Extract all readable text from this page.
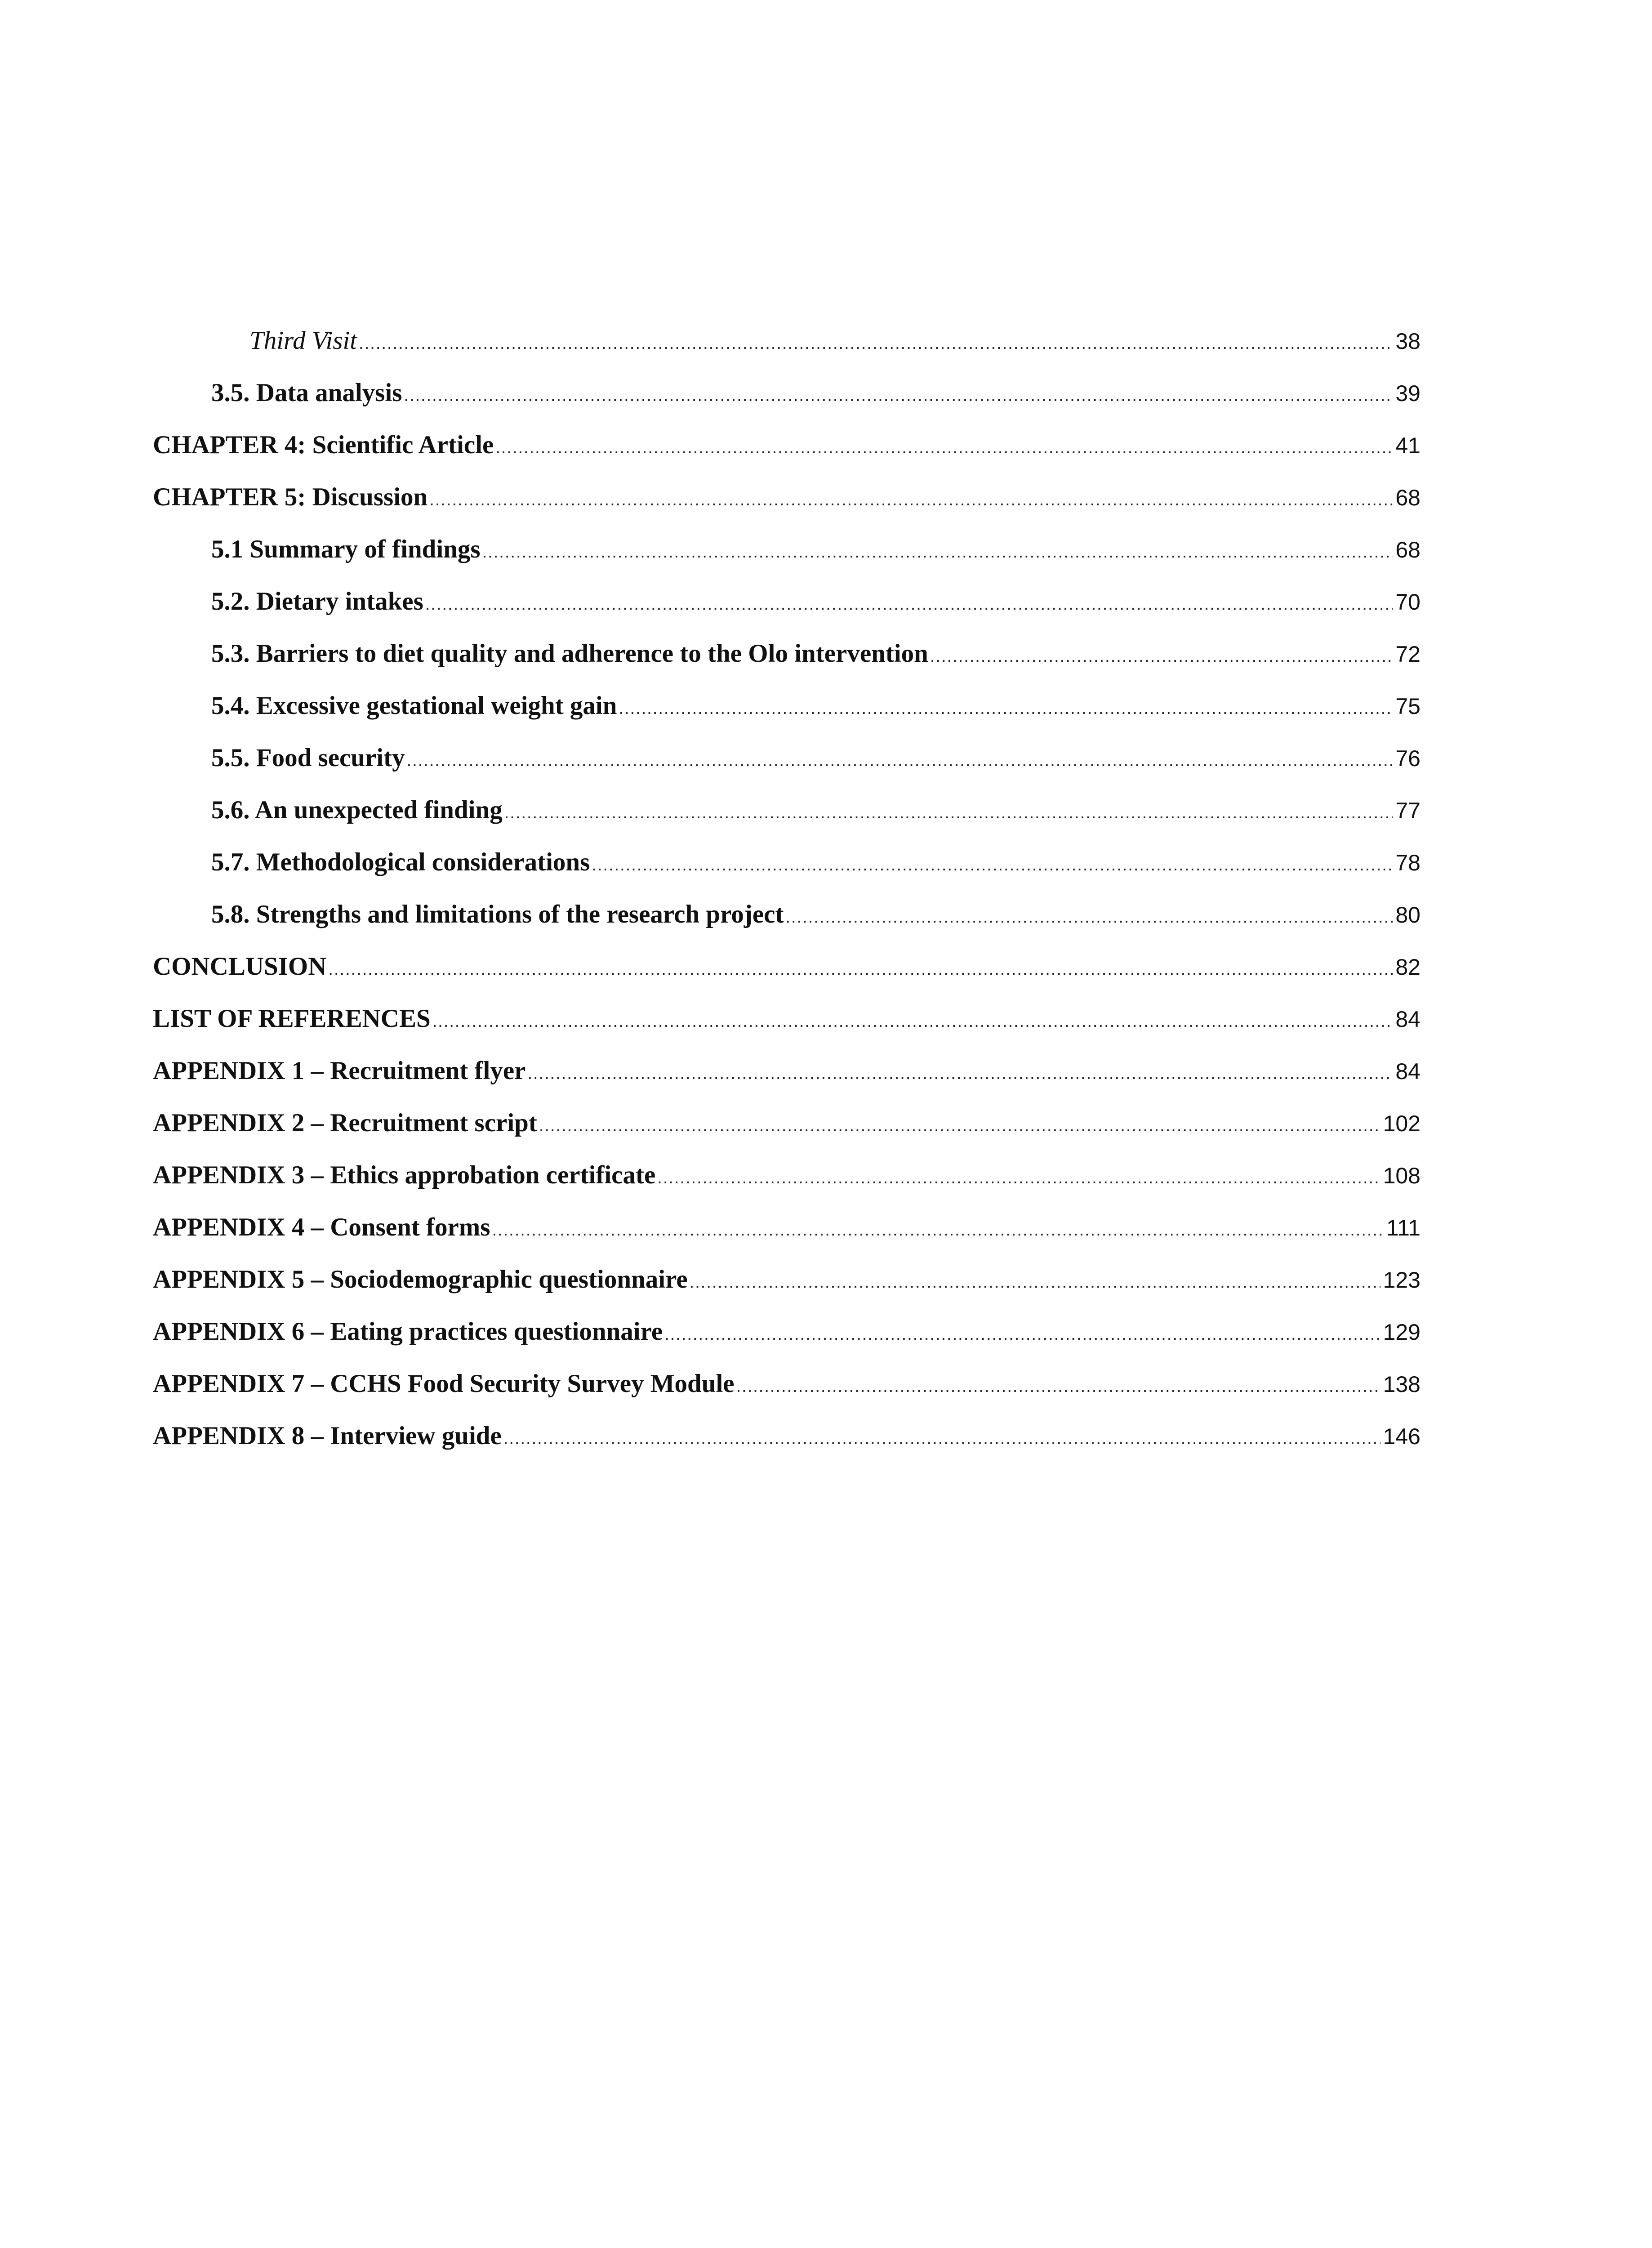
Third Visit .....	38
3.5. Data analysis .....	39
CHAPTER 4: Scientific Article .....	41
CHAPTER 5: Discussion .....	68
5.1 Summary of findings .....	68
5.2. Dietary intakes .....	70
5.3. Barriers to diet quality and adherence to the Olo intervention .....	72
5.4. Excessive gestational weight gain .....	75
5.5. Food security .....	76
5.6. An unexpected finding .....	77
5.7. Methodological considerations .....	78
5.8. Strengths and limitations of the research project .....	80
CONCLUSION .....	82
LIST OF REFERENCES .....	84
APPENDIX 1 – Recruitment flyer .....	84
APPENDIX 2 – Recruitment script .....	102
APPENDIX 3 – Ethics approbation certificate .....	108
APPENDIX 4 – Consent forms .....	111
APPENDIX 5 – Sociodemographic questionnaire .....	123
APPENDIX 6 – Eating practices questionnaire .....	129
APPENDIX 7 – CCHS Food Security Survey Module .....	138
APPENDIX 8 – Interview guide .....	146
